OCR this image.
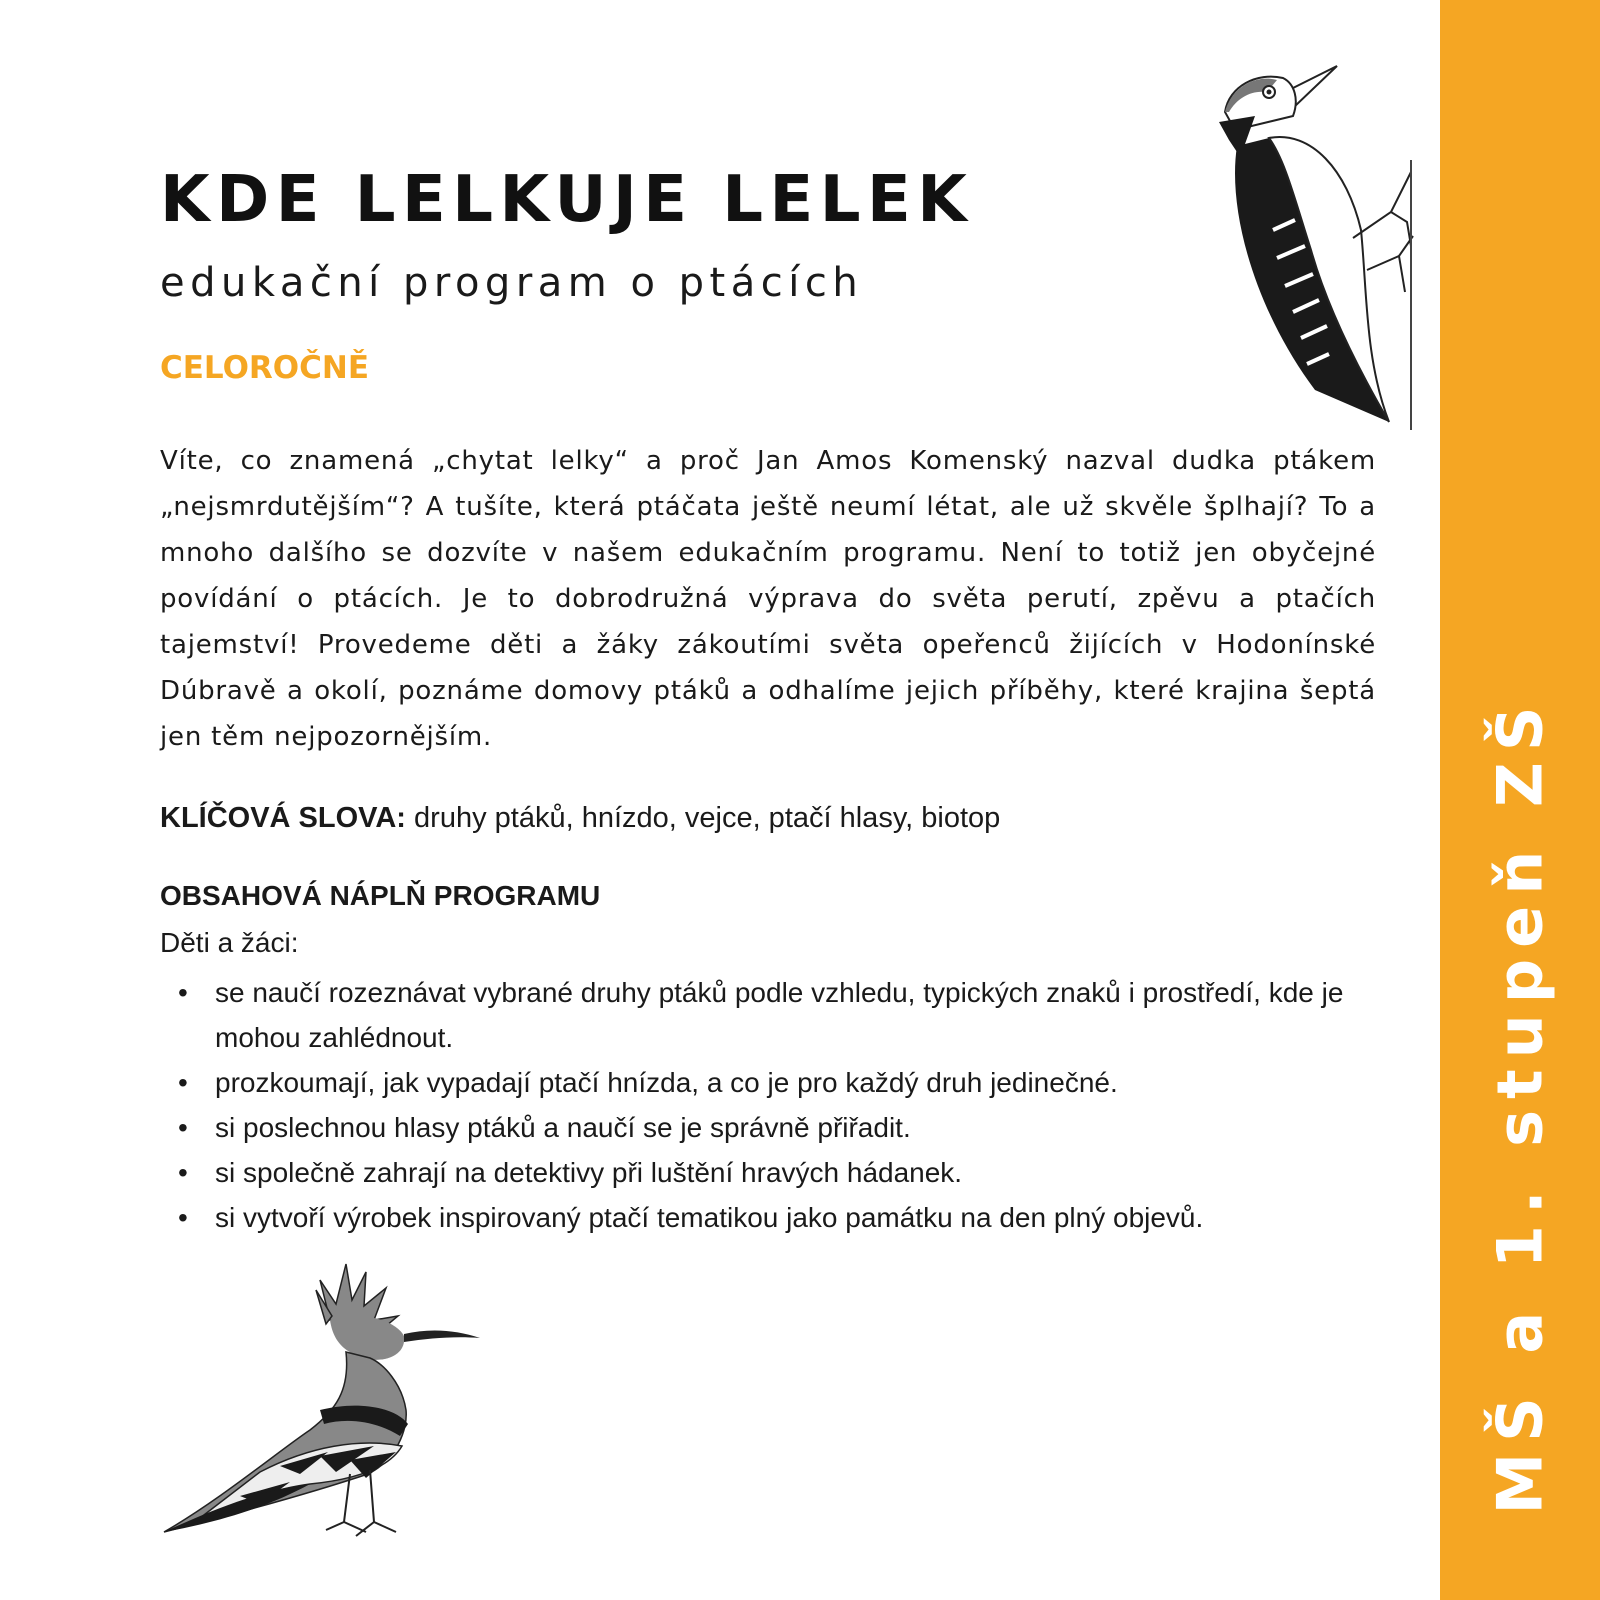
MŠ a 1. stupeň ZŠ
KDE LELKUJE LELEK

edukační program o ptácích

CELOROČNĚ

Víte, co znamená „chytat lelky“ a proč Jan Amos Komenský nazval dudka ptákem „nejsmrdutějším“? A tušíte, která ptáčata ještě neumí létat, ale už skvěle šplhají? To a mnoho dalšího se dozvíte v našem edukačním programu. Není to totiž jen obyčejné povídání o ptácích. Je to dobrodružná výprava do světa perutí, zpěvu a ptačích tajemství! Provedeme děti a žáky zákoutími světa opeřenců žijících v Hodonínské Dúbravě a okolí, poznáme domovy ptáků a odhalíme jejich příběhy, které krajina šeptá jen těm nejpozornějším.

KLÍČOVÁ SLOVA: druhy ptáků, hnízdo, vejce, ptačí hlasy, biotop

OBSAHOVÁ NÁPLŇ PROGRAMU

Děti a žáci:

• se naučí rozeznávat vybrané druhy ptáků podle vzhledu, typických znaků i prostředí, kde je mohou zahlédnout.
• prozkoumají, jak vypadají ptačí hnízda, a co je pro každý druh jedinečné.
• si poslechnou hlasy ptáků a naučí se je správně přiřadit.
• si společně zahrají na detektivy při luštění hravých hádanek.
• si vytvoří výrobek inspirovaný ptačí tematikou jako památku na den plný objevů.
